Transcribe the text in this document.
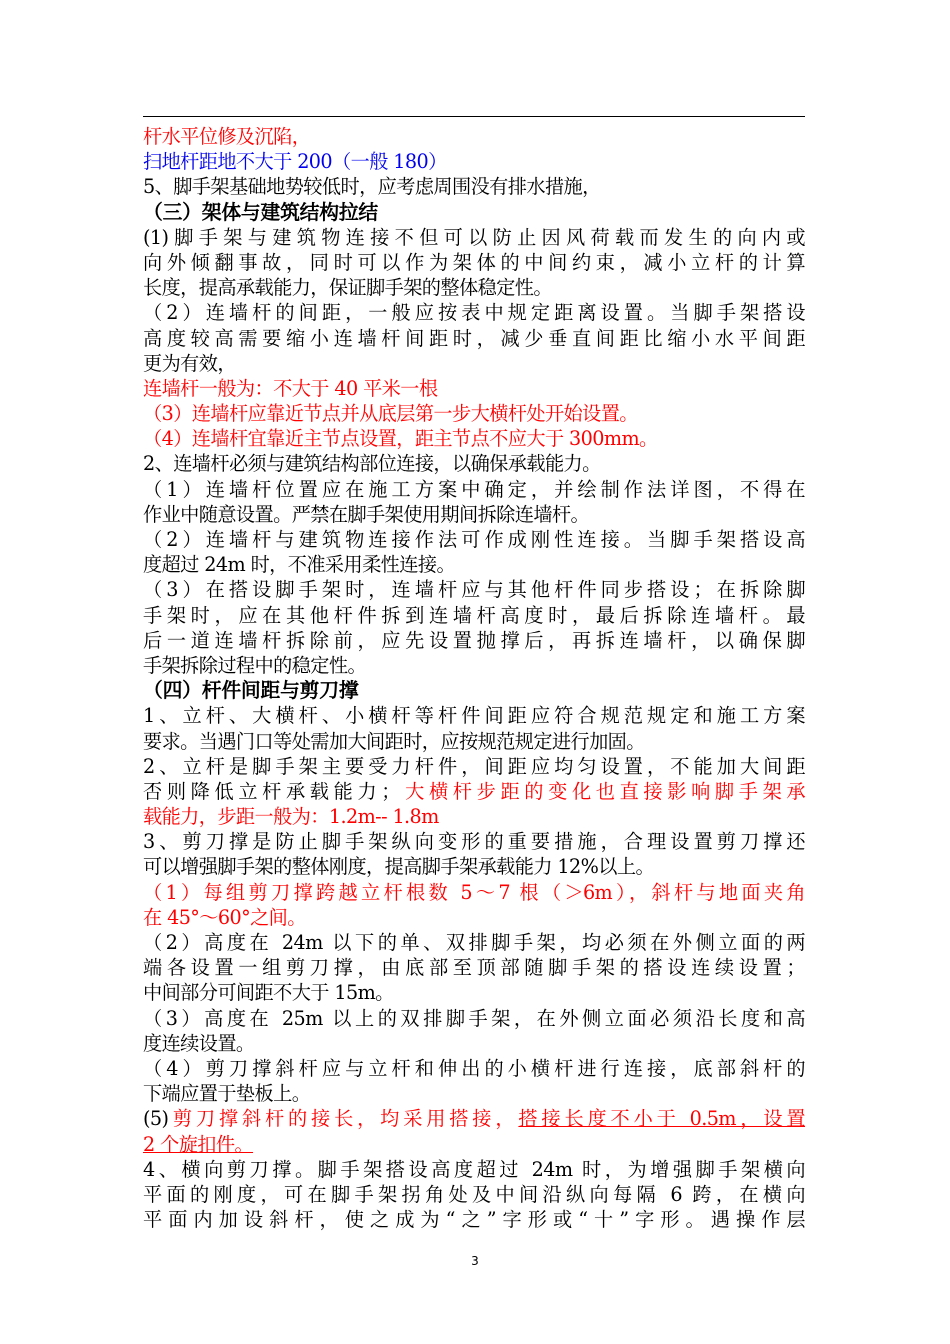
杆水平位修及沉陷，
扫地杆距地不大于 200（一般 180）
5、脚手架基础地势较低时，应考虑周围没有排水措施，
（三）架体与建筑结构拉结
(1)脚手架与建筑物连接不但可以防止因风荷载而发生的向内或
向外倾翻事故，同时可以作为架体的中间约束，减小立杆的计算
长度，提高承载能力，保证脚手架的整体稳定性。
（2）连墙杆的间距，一般应按表中规定距离设置。当脚手架搭设
高度较高需要缩小连墙杆间距时，减少垂直间距比缩小水平间距
更为有效，
连墙杆一般为：不大于 40 平米一根
（3）连墙杆应靠近节点并从底层第一步大横杆处开始设置。
（4）连墙杆宜靠近主节点设置，距主节点不应大于 300mm。
2、连墙杆必须与建筑结构部位连接，以确保承载能力。
（1）连墙杆位置应在施工方案中确定，并绘制作法详图，不得在
作业中随意设置。严禁在脚手架使用期间拆除连墙杆。
（2）连墙杆与建筑物连接作法可作成刚性连接。当脚手架搭设高
度超过 24m 时，不准采用柔性连接。
（3）在搭设脚手架时，连墙杆应与其他杆件同步搭设；在拆除脚
手架时，应在其他杆件拆到连墙杆高度时，最后拆除连墙杆。最
后一道连墙杆拆除前，应先设置抛撑后，再拆连墙杆，以确保脚
手架拆除过程中的稳定性。
（四）杆件间距与剪刀撑
1、立杆、大横杆、小横杆等杆件间距应符合规范规定和施工方案
要求。当遇门口等处需加大间距时，应按规范规定进行加固。
2、立杆是脚手架主要受力杆件，间距应均匀设置，不能加大间距
否则降低立杆承载能力；大横杆步距的变化也直接影响脚手架承
载能力，步距一般为：1.2m-- 1.8m
3、剪刀撑是防止脚手架纵向变形的重要措施，合理设置剪刀撑还
可以增强脚手架的整体刚度，提高脚手架承载能力 12%以上。
（1）每组剪刀撑跨越立杆根数 5～7 根（＞6m），斜杆与地面夹角
在 45°～60°之间。
（2）高度在 24m 以下的单、双排脚手架，均必须在外侧立面的两
端各设置一组剪刀撑，由底部至顶部随脚手架的搭设连续设置；
中间部分可间距不大于 15m。
（3）高度在 25m 以上的双排脚手架，在外侧立面必须沿长度和高
度连续设置。
（4）剪刀撑斜杆应与立杆和伸出的小横杆进行连接，底部斜杆的
下端应置于垫板上。
(5)剪刀撑斜杆的接长，均采用搭接，搭接长度不小于 0.5m，设置
2 个旋扣件。
4、横向剪刀撑。脚手架搭设高度超过 24m 时，为增强脚手架横向
平面的刚度，可在脚手架拐角处及中间沿纵向每隔 6 跨，在横向
平面内加设斜杆，使之成为“之”字形或“十”字形。遇操作层
3
